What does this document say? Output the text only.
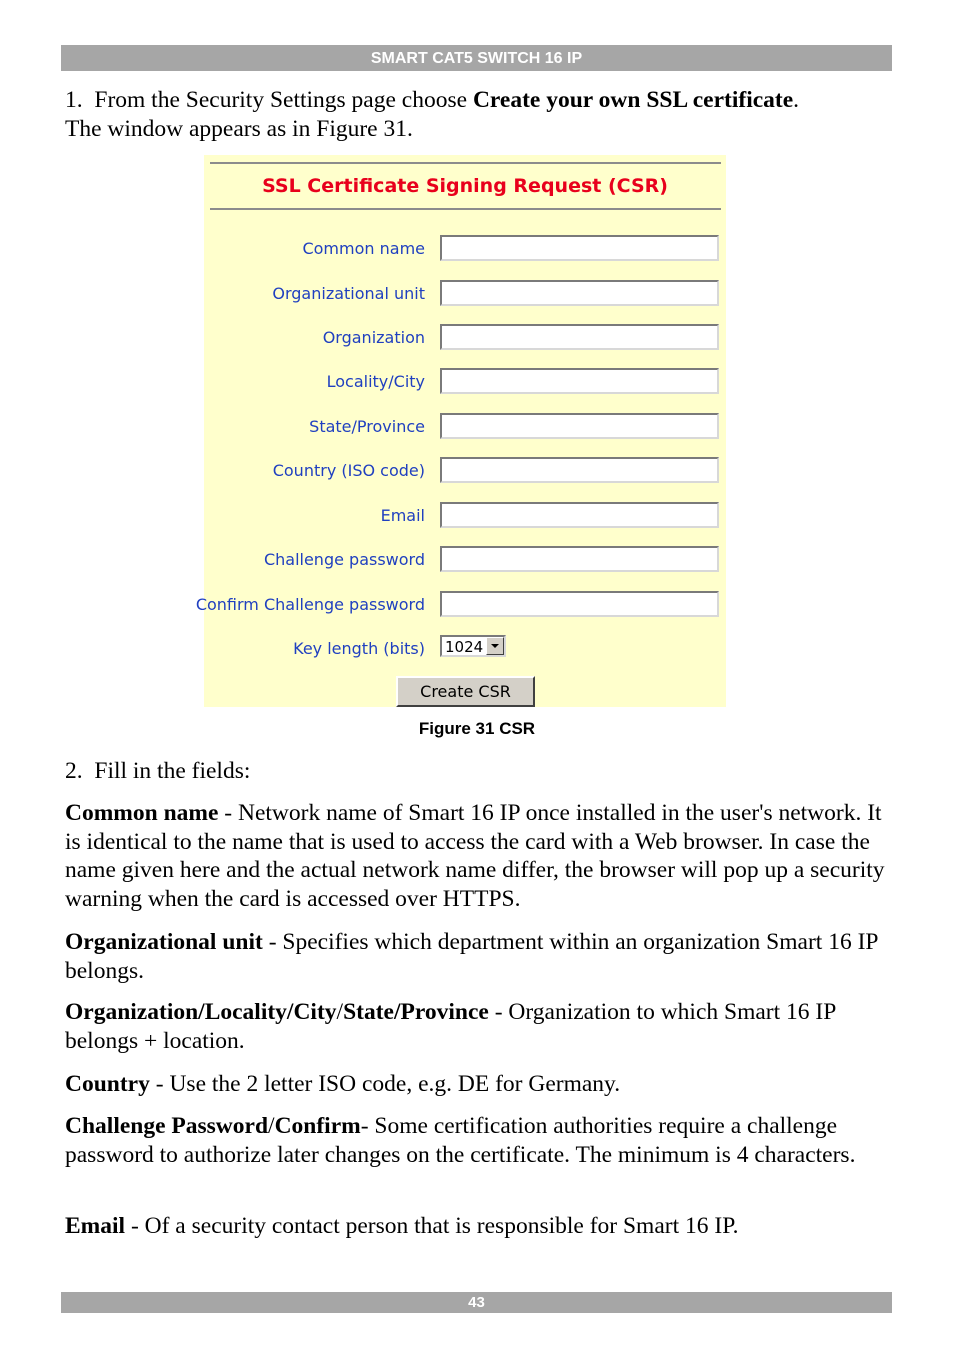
SMART CAT5 SWITCH 16 IP
1. From the Security Settings page choose Create your own SSL certificate.
The window appears as in Figure 31.
SSL Certificate Signing Request (CSR)
Common name
Organizational unit
Organization
Locality/City
State/Province
Country (ISO code)
Email
Challenge password
Confirm Challenge password
Key length (bits) 1024
Create CSR
Figure 31 CSR
2. Fill in the fields:
Common name - Network name of Smart 16 IP once installed in the user's network. It is identical to the name that is used to access the card with a Web browser. In case the name given here and the actual network name differ, the browser will pop up a security warning when the card is accessed over HTTPS.
Organizational unit - Specifies which department within an organization Smart 16 IP belongs.
Organization/Locality/City/State/Province - Organization to which Smart 16 IP belongs + location.
Country - Use the 2 letter ISO code, e.g. DE for Germany.
Challenge Password/Confirm- Some certification authorities require a challenge password to authorize later changes on the certificate. The minimum is 4 characters.
Email - Of a security contact person that is responsible for Smart 16 IP.
43
